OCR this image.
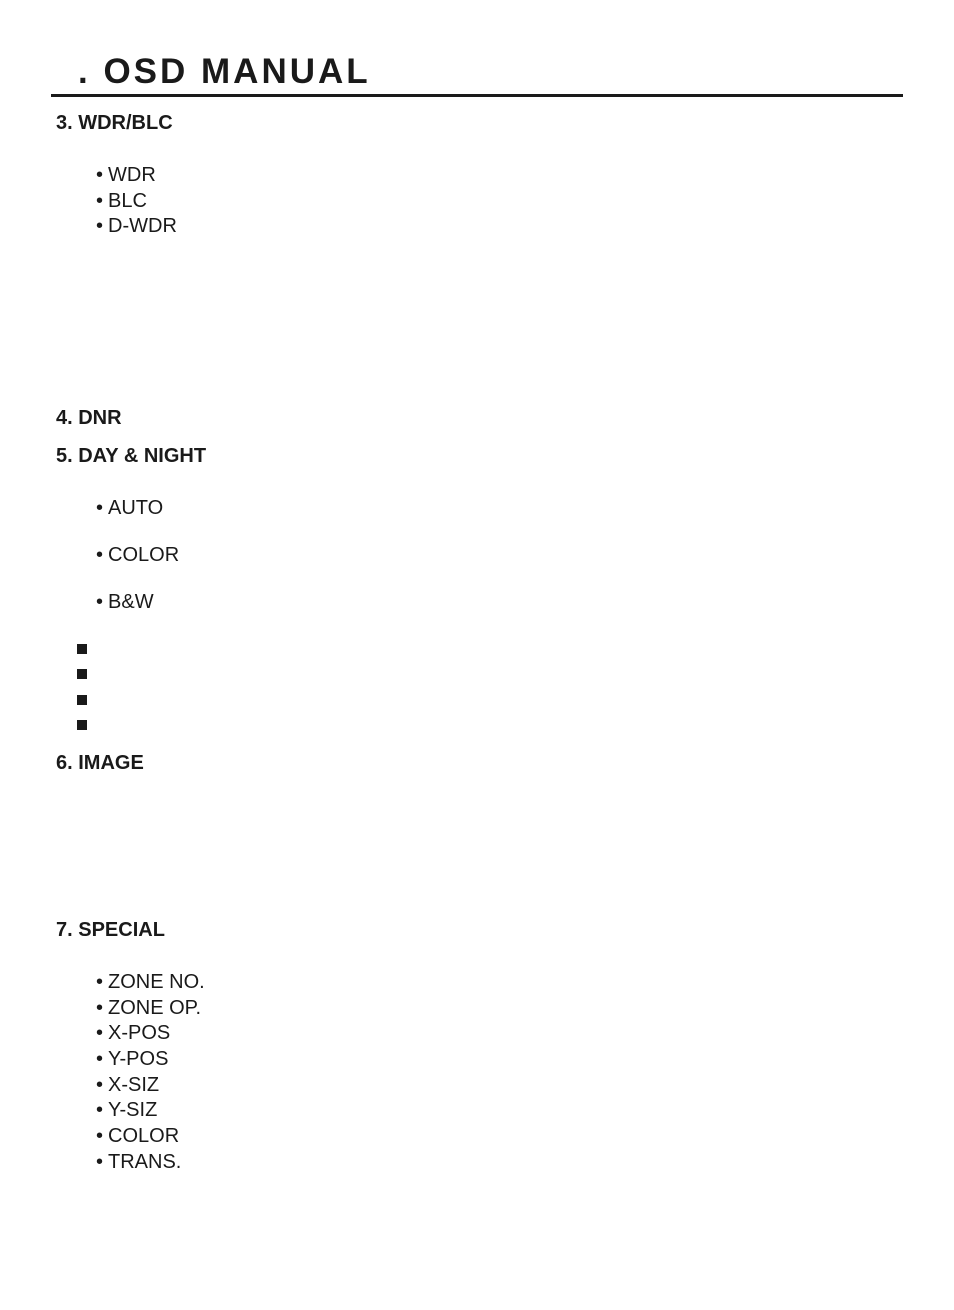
. OSD MANUAL
3. WDR/BLC
• WDR
• BLC
• D-WDR
4. DNR
5. DAY & NIGHT
• AUTO
• COLOR
• B&W
6. IMAGE
7. SPECIAL
• ZONE NO.
• ZONE OP.
• X-POS
• Y-POS
• X-SIZ
• Y-SIZ
• COLOR
• TRANS.
